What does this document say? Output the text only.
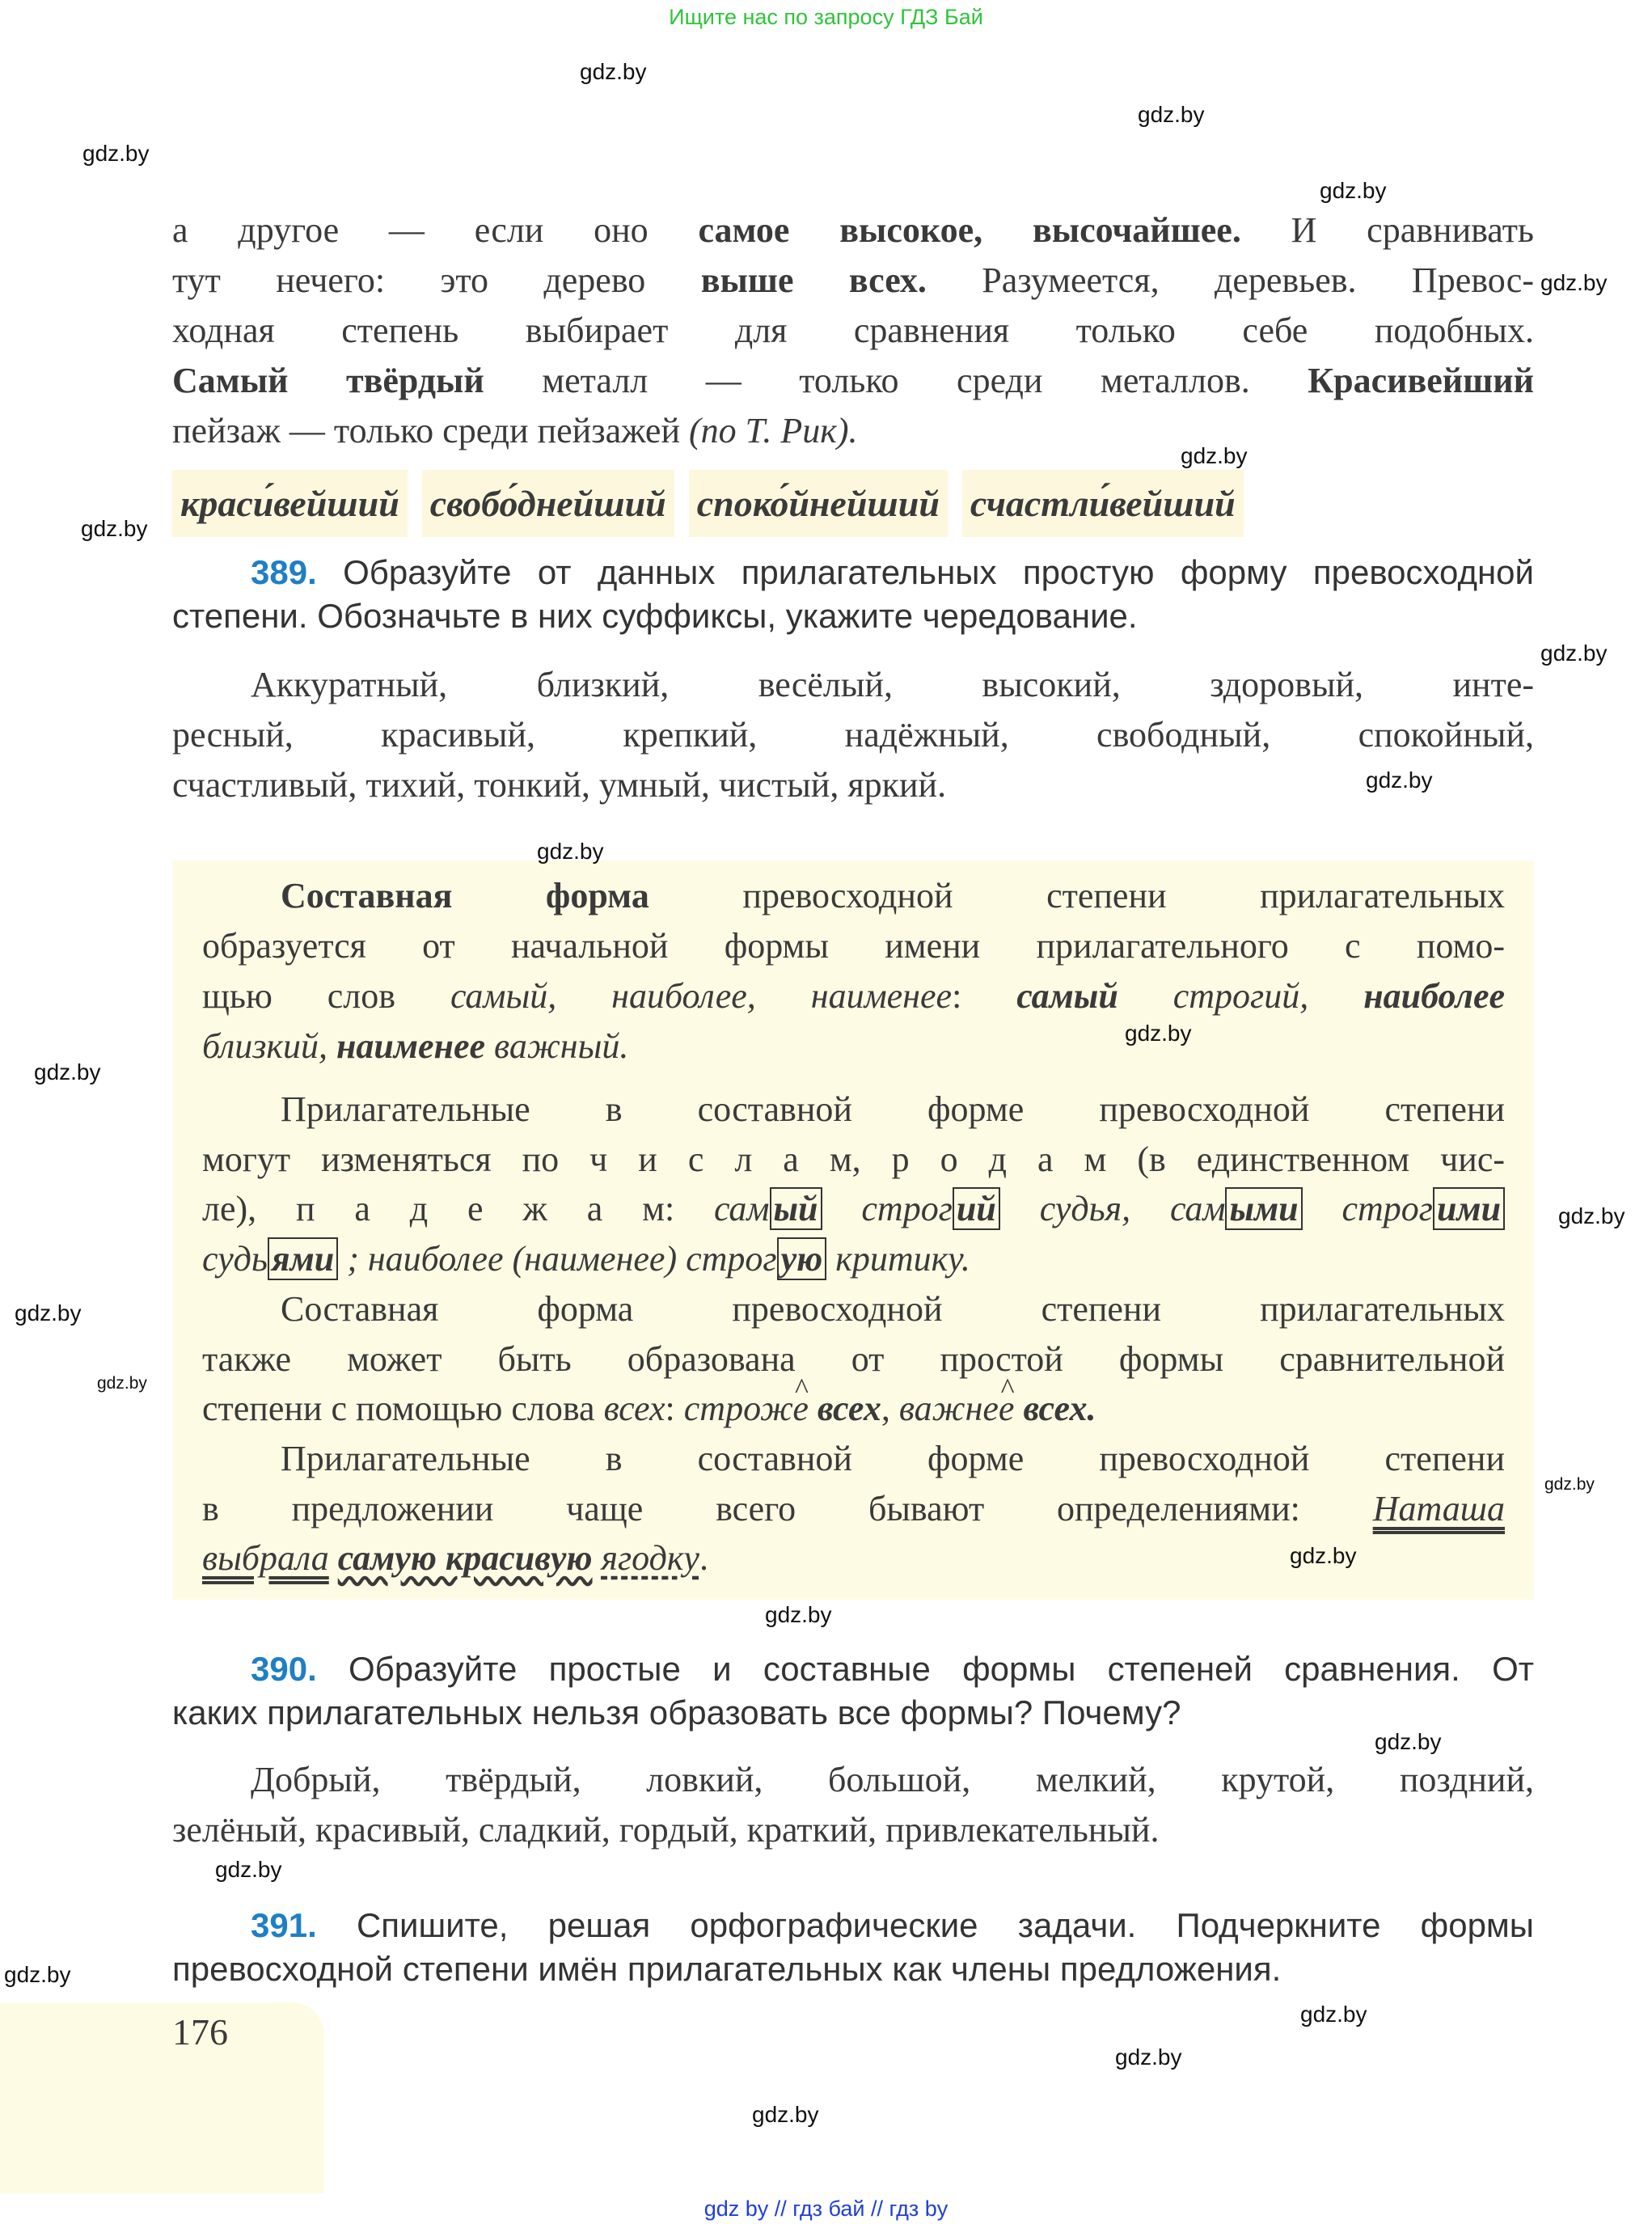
Ищите нас по запросу ГДЗ Бай
а другое — если оно самое высокое, высочайшее. И сравнивать
тут нечего: это дерево выше всех. Разумеется, деревьев. Превос-
ходная степень выбирает для сравнения только себе подобных.
Самый твёрдый металл — только среди металлов. Красивейший
пейзаж — только среди пейзажей (по Т. Рик).
краси́вейший свобо́днейший споко́йнейший счастли́вейший
389. Образуйте от данных прилагательных простую форму превосходной
степени. Обозначьте в них суффиксы, укажите чередование.
Аккуратный, близкий, весёлый, высокий, здоровый, инте-
ресный, красивый, крепкий, надёжный, свободный, спокойный,
счастливый, тихий, тонкий, умный, чистый, яркий.
Составная форма превосходной степени прилагательных
образуется от начальной формы имени прилагательного с помо-
щью слов самый, наиболее, наименее: самый строгий, наиболее
близкий, наименее важный.
Прилагательные в составной форме превосходной степени
могут изменяться по ч и с л а м, р о д а м (в единственном чис-
ле), п а д е ж а м: сам ый строг ий судья, сам ыми строг ими
судь ями ; наиболее (наименее) строг ую критику.
Составная форма превосходной степени прилагательных
также может быть образована от простой формы сравнительной
степени с помощью слова всех: ^ строже всех, ^ важнее всех.
Прилагательные в составной форме превосходной степени
в предложении чаще всего бывают определениями: Наташа
выбрала самую красивую ягодку.
390. Образуйте простые и составные формы степеней сравнения. От
каких прилагательных нельзя образовать все формы? Почему?
Добрый, твёрдый, ловкий, большой, мелкий, крутой, поздний,
зелёный, красивый, сладкий, гордый, краткий, привлекательный.
391. Спишите, решая орфографические задачи. Подчеркните формы
превосходной степени имён прилагательных как члены предложения.
176
gdz.by
gdz.by
gdz.by
gdz.by
gdz.by
gdz.by
gdz.by
gdz.by
gdz.by
gdz.by
gdz.by
gdz.by
gdz.by
gdz.by
gdz.by
gdz.by
gdz.by
gdz.by
gdz.by
gdz.by
gdz.by
gdz.by
gdz.by
gdz.by
gdz by // гдз бай // гдз by
